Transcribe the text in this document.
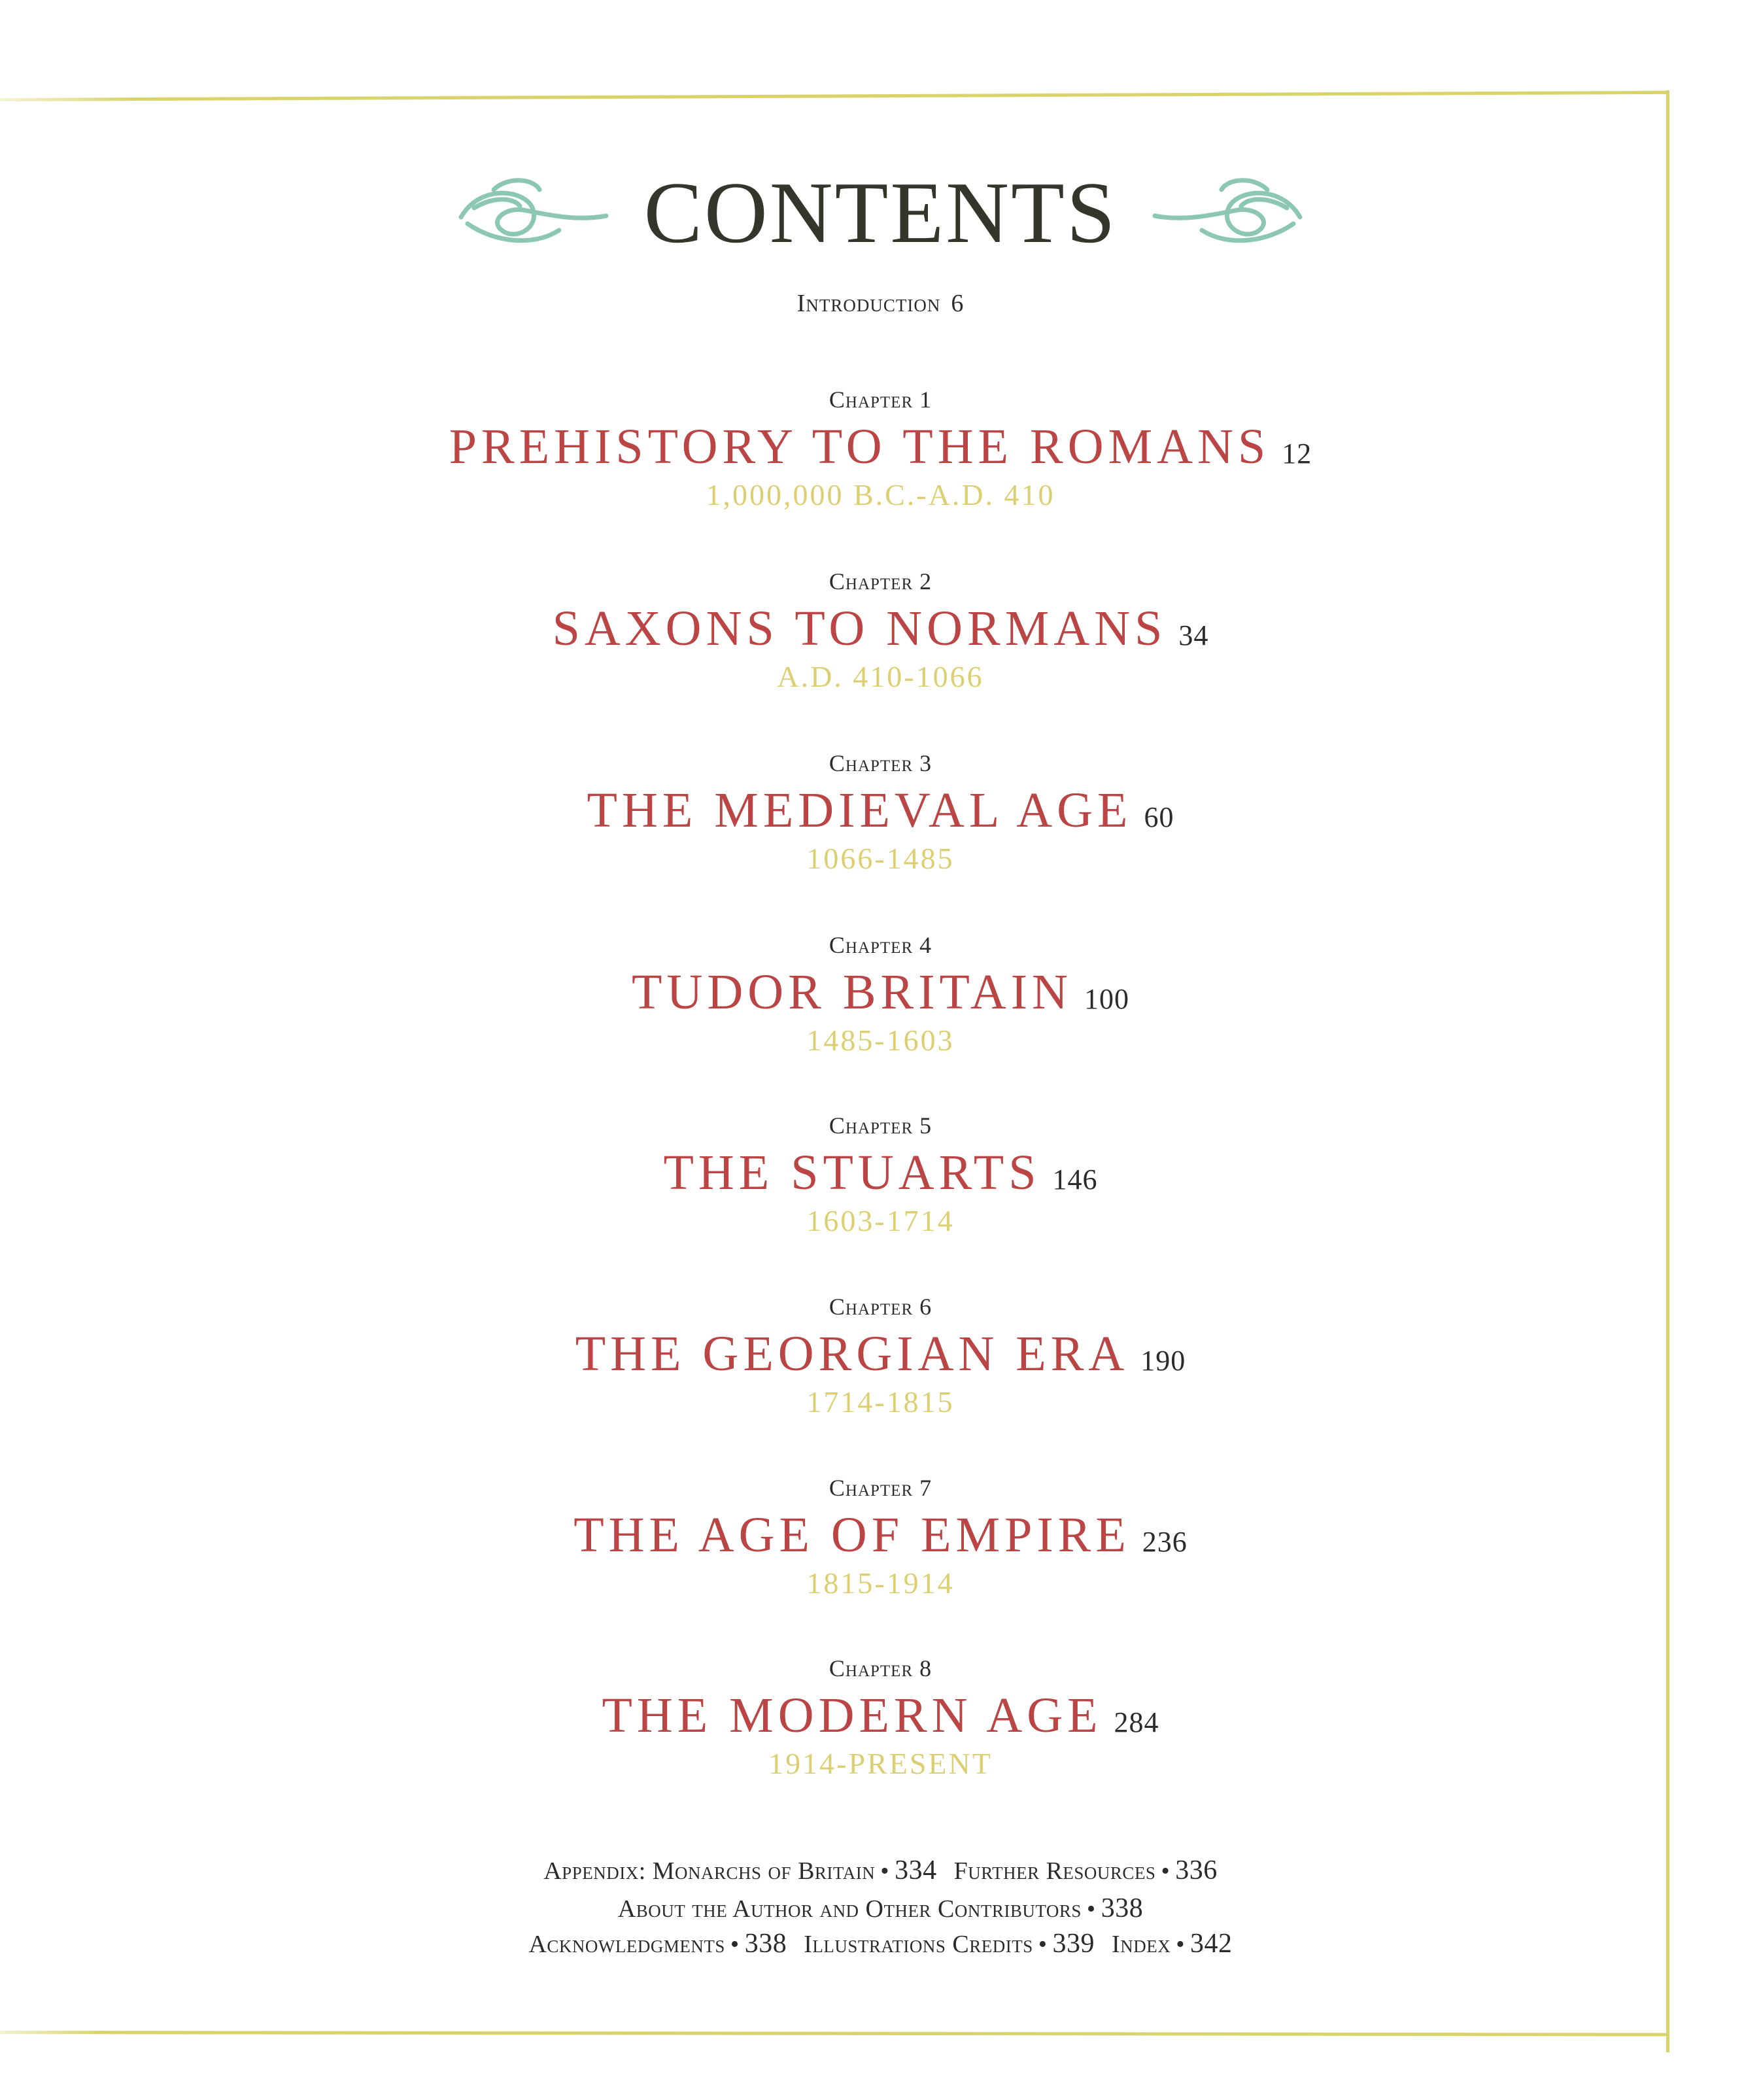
CONTENTS
Introduction 6
Chapter 1
PREHISTORY TO THE ROMANS 12
1,000,000 B.C.-A.D. 410
Chapter 2
SAXONS TO NORMANS 34
A.D. 410-1066
Chapter 3
THE MEDIEVAL AGE 60
1066-1485
Chapter 4
TUDOR BRITAIN 100
1485-1603
Chapter 5
THE STUARTS 146
1603-1714
Chapter 6
THE GEORGIAN ERA 190
1714-1815
Chapter 7
THE AGE OF EMPIRE 236
1815-1914
Chapter 8
THE MODERN AGE 284
1914-PRESENT
Appendix: Monarchs of Britain • 334 Further Resources • 336
About the Author and Other Contributors • 338
Acknowledgments • 338 Illustrations Credits • 339 Index • 342
